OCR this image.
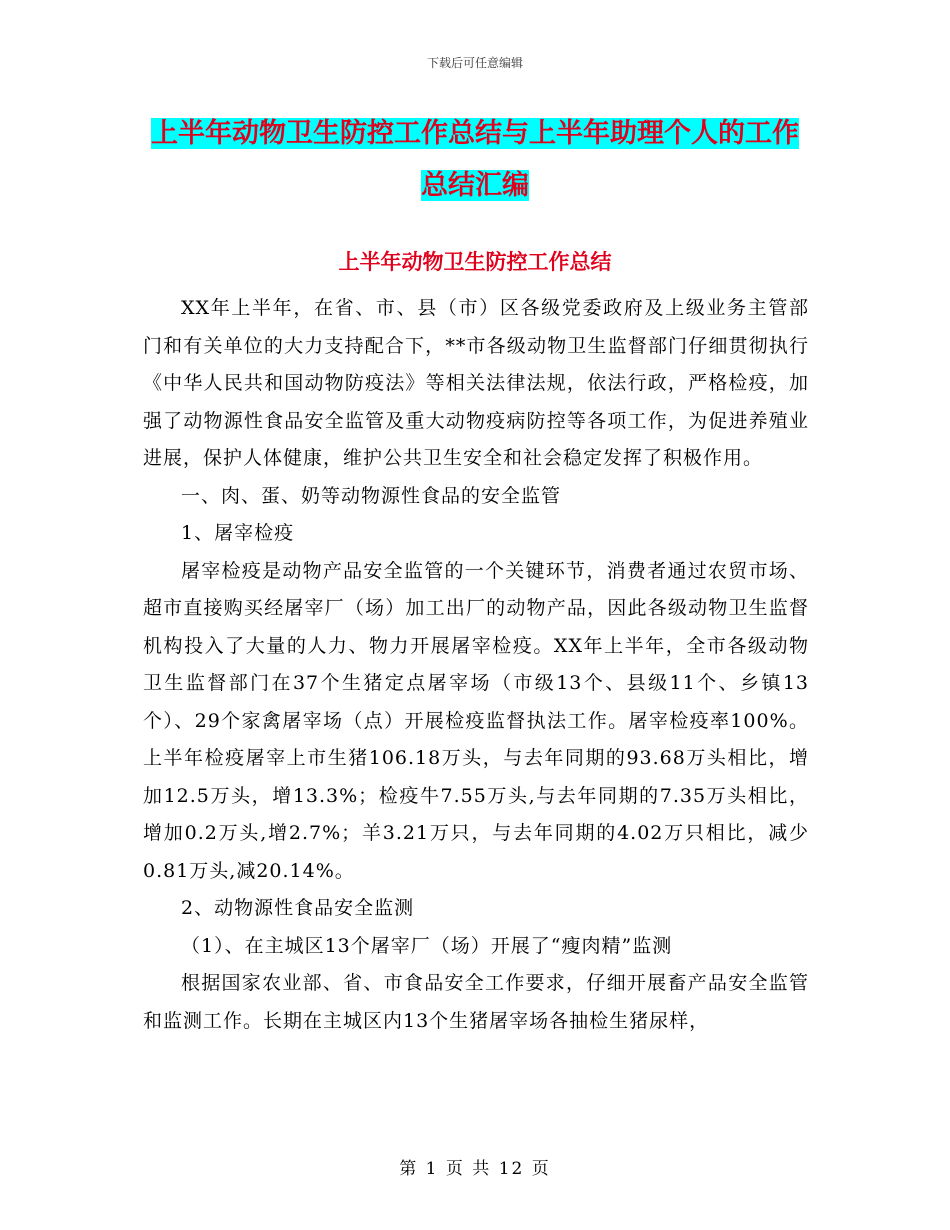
下载后可任意编辑
上半年动物卫生防控工作总结与上半年助理个人的工作总结汇编
上半年动物卫生防控工作总结

XX年上半年，在省、市、县（市）区各级党委政府及上级业务主管部门和有关单位的大力支持配合下，**市各级动物卫生监督部门仔细贯彻执行《中华人民共和国动物防疫法》等相关法律法规，依法行政，严格检疫，加强了动物源性食品安全监管及重大动物疫病防控等各项工作，为促进养殖业进展，保护人体健康，维护公共卫生安全和社会稳定发挥了积极作用。

一、肉、蛋、奶等动物源性食品的安全监管

1、屠宰检疫

屠宰检疫是动物产品安全监管的一个关键环节，消费者通过农贸市场、超市直接购买经屠宰厂（场）加工出厂的动物产品，因此各级动物卫生监督机构投入了大量的人力、物力开展屠宰检疫。XX年上半年，全市各级动物卫生监督部门在37个生猪定点屠宰场（市级13个、县级11个、乡镇13个）、29个家禽屠宰场（点）开展检疫监督执法工作。屠宰检疫率100%。上半年检疫屠宰上市生猪106.18万头，与去年同期的93.68万头相比，增加12.5万头，增13.3%；检疫牛7.55万头,与去年同期的7.35万头相比，增加0.2万头,增2.7%；羊3.21万只，与去年同期的4.02万只相比，减少0.81万头,减20.14%。

2、动物源性食品安全监测

（1）、在主城区13个屠宰厂（场）开展了“瘦肉精”监测

根据国家农业部、省、市食品安全工作要求，仔细开展畜产品安全监管和监测工作。长期在主城区内13个生猪屠宰场各抽检生猪尿样，

第 1 页 共 12 页
